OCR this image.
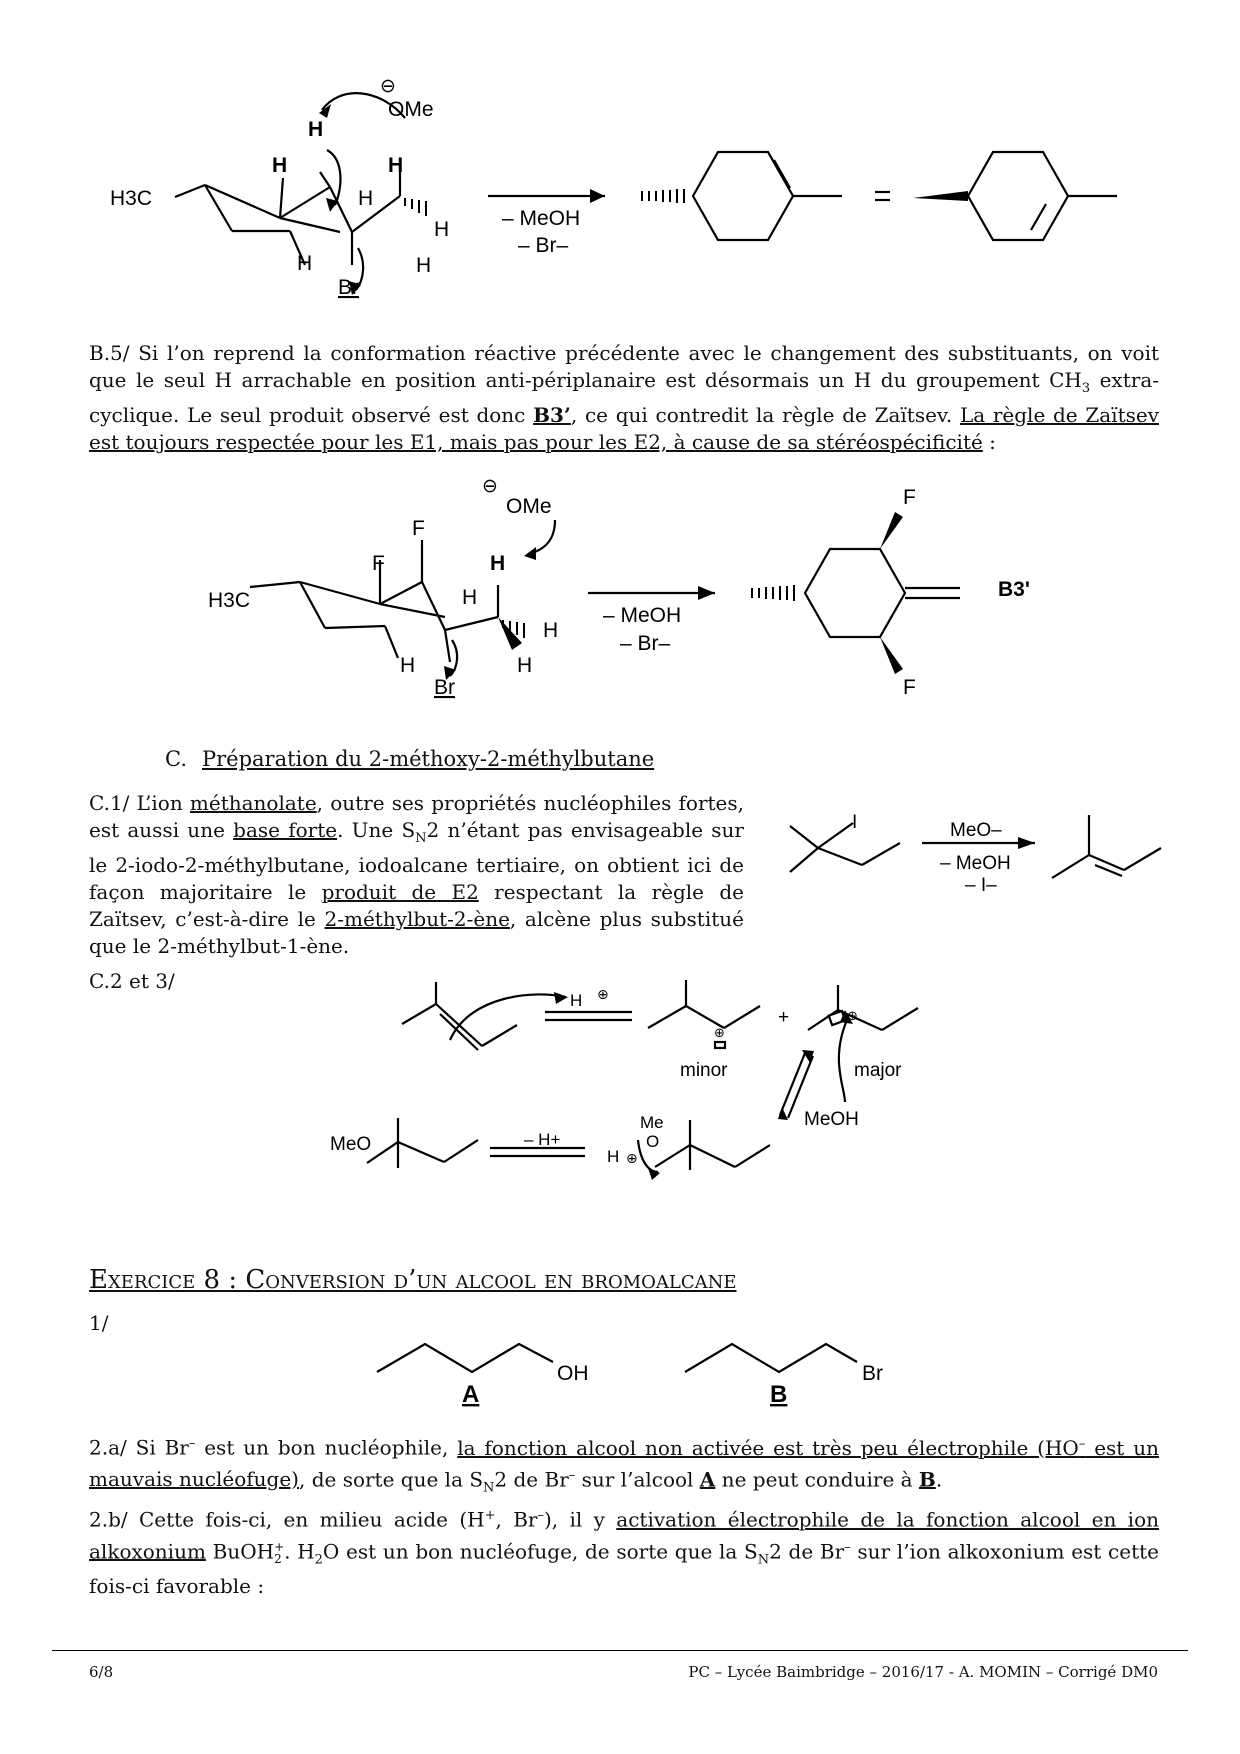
H3C
H
H	H
H
H
H	H
Br
OMe
⊖
– MeOH
– Br–
B.5/ Si l’on reprend la conformation réactive précédente avec le changement des substituants, on voit que le seul H arrachable en position anti-périplanaire est désormais un H du groupement $CH_3$ extra-cyclique. Le seul produit observé est donc B3’, ce qui contredit la règle de Zaïtsev. La règle de Zaïtsev est toujours respectée pour les E1, mais pas pour les E2, à cause de sa stéréospécificité :
H3C
F
F	H
H
H
H	H
Br
OMe
⊖
– MeOH
– Br–
F
F
B3'
C. Préparation du 2-méthoxy-2-méthylbutane
C.1/ L’ion méthanolate, outre ses propriétés nucléophiles fortes, est aussi une base forte. Une $S_N2$ n’étant pas envisageable sur le 2-iodo-2-méthylbutane, iodoalcane tertiaire, on obtient ici de façon majoritaire le produit de E2 respectant la règle de Zaïtsev, c’est-à-dire le 2-méthylbut-2-ène, alcène plus substitué que le 2-méthylbut-1-ène.
I	MeO–
– MeOH
– I–
C.2 et 3/
H ⊕
⊕
⊕
+
minor	major
MeOH
MeO
Me
O
⊕
H
– H+
Exercice 8 : Conversion d’un alcool en bromoalcane
1/
OH	Br
A	B
2.a/ Si Br– est un bon nucléophile, la fonction alcool non activée est très peu électrophile (HO– est un mauvais nucléofuge), de sorte que la $S_N2$ de Br– sur l’alcool A ne peut conduire à B.
2.b/ Cette fois-ci, en milieu acide (H+, Br–), il y activation électrophile de la fonction alcool en ion alkoxonium BuOH +
2 . $H_2O$ est un bon nucléofuge, de sorte que la $S_N2$ de Br– sur l’ion alkoxonium est cette fois-ci favorable :
6/8	PC – Lycée Baimbridge – 2016/17 - A. MOMIN – Corrigé DM0
